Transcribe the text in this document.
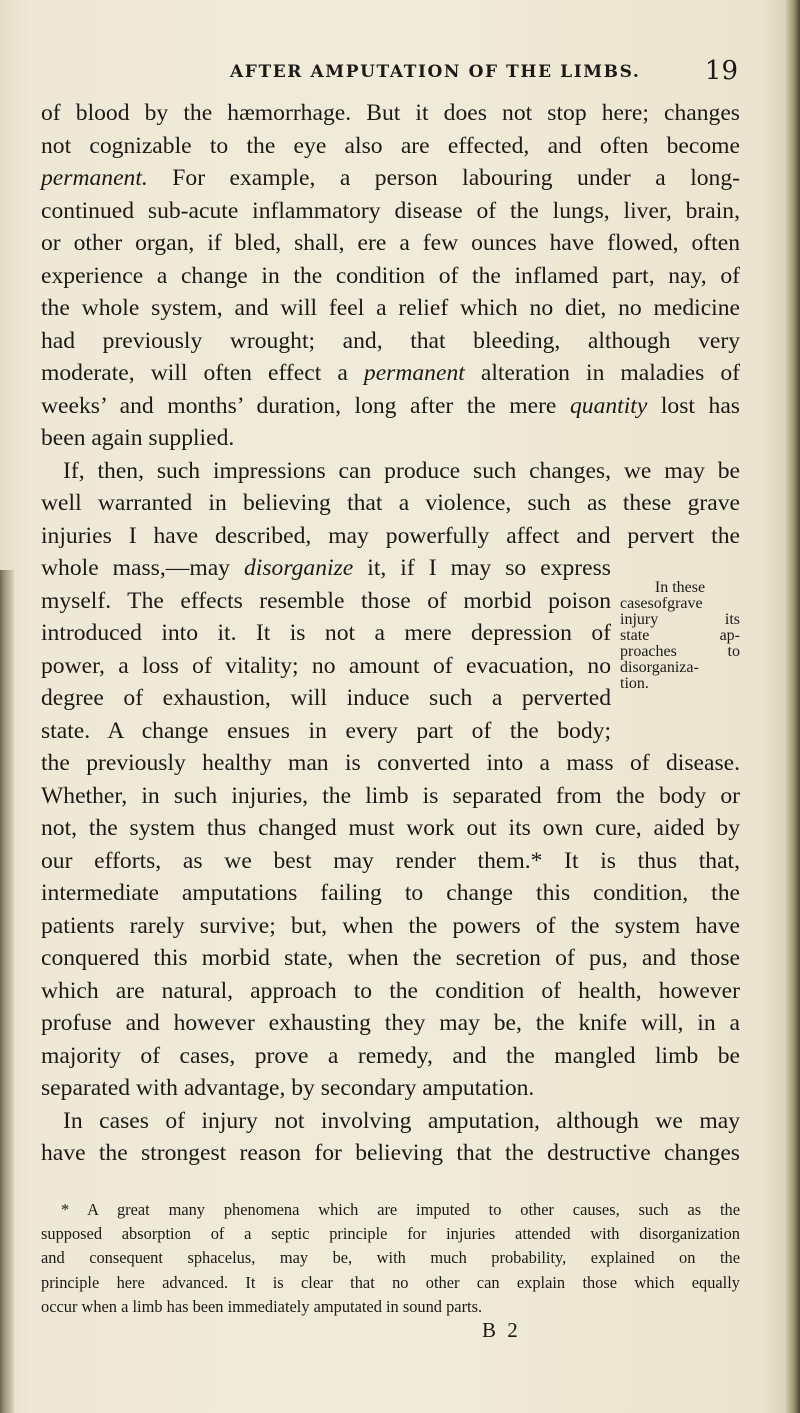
AFTER AMPUTATION OF THE LIMBS. 19
of blood by the hæmorrhage. But it does not stop here; changes
not cognizable to the eye also are effected, and often become
permanent. For example, a person labouring under a long-
continued sub-acute inflammatory disease of the lungs, liver, brain,
or other organ, if bled, shall, ere a few ounces have flowed, often
experience a change in the condition of the inflamed part, nay, of
the whole system, and will feel a relief which no diet, no medicine
had previously wrought; and, that bleeding, although very
moderate, will often effect a permanent alteration in maladies of
weeks’ and months’ duration, long after the mere quantity lost has
been again supplied.
If, then, such impressions can produce such changes, we may be
well warranted in believing that a violence, such as these grave
injuries I have described, may powerfully affect and pervert the
whole mass,—may disorganize it, if I may so express
myself. The effects resemble those of morbid poison
introduced into it. It is not a mere depression of
power, a loss of vitality; no amount of evacuation, no
degree of exhaustion, will induce such a perverted
state. A change ensues in every part of the body;
the previously healthy man is converted into a mass of disease.
Whether, in such injuries, the limb is separated from the body or
not, the system thus changed must work out its own cure, aided by
our efforts, as we best may render them.* It is thus that,
intermediate amputations failing to change this condition, the
patients rarely survive; but, when the powers of the system have
conquered this morbid state, when the secretion of pus, and those
which are natural, approach to the condition of health, however
profuse and however exhausting they may be, the knife will, in a
majority of cases, prove a remedy, and the mangled limb be
separated with advantage, by secondary amputation.
In cases of injury not involving amputation, although we may
have the strongest reason for believing that the destructive changes
In these
casesofgrave
injury its
state ap-
proaches to
disorganiza-
tion.
* A great many phenomena which are imputed to other causes, such as the
supposed absorption of a septic principle for injuries attended with disorganization
and consequent sphacelus, may be, with much probability, explained on the
principle here advanced. It is clear that no other can explain those which equally
occur when a limb has been immediately amputated in sound parts.
B 2
